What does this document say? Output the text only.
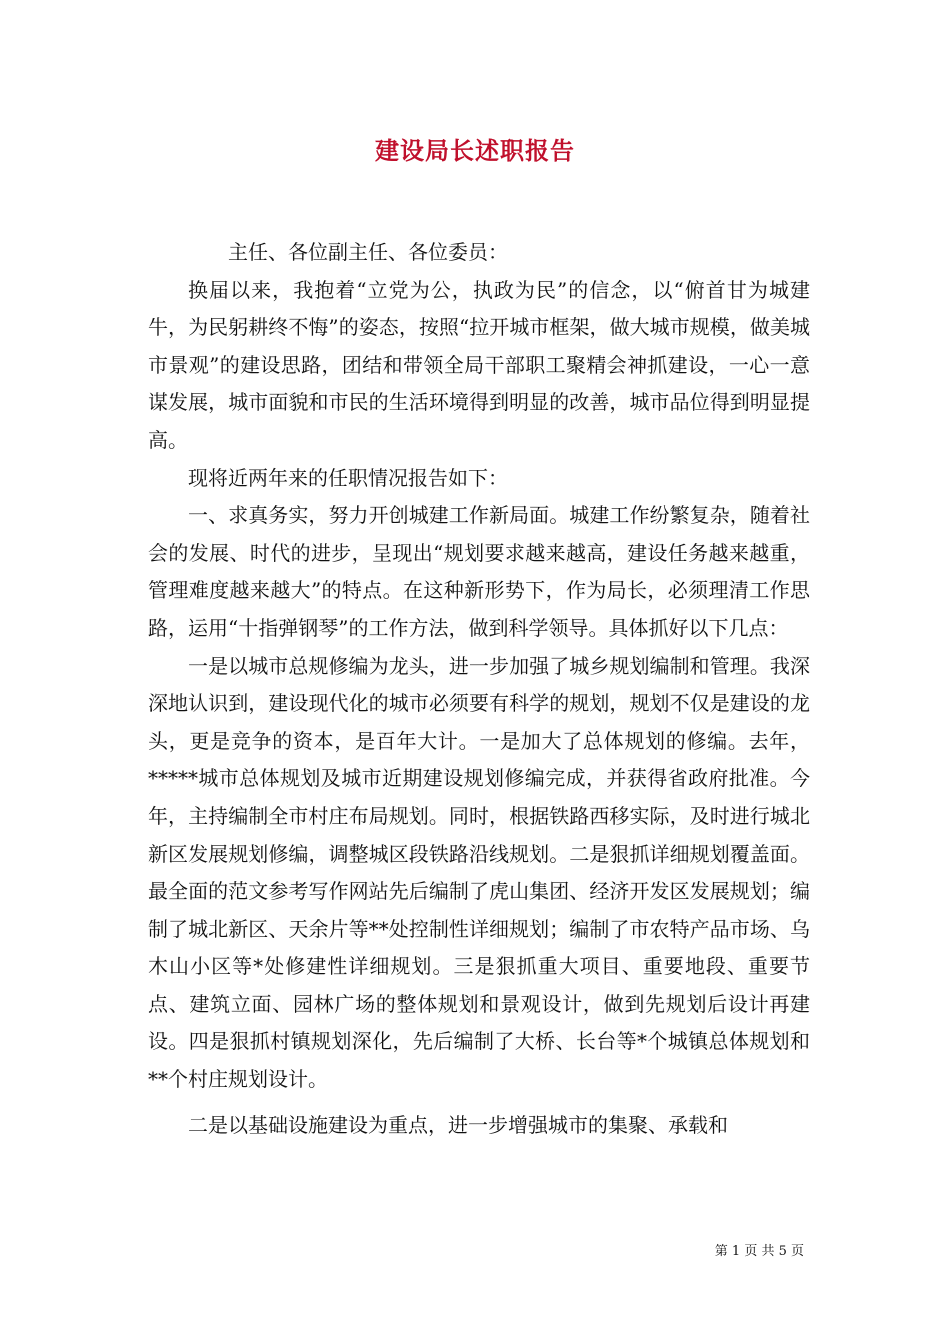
建设局长述职报告

主任、各位副主任、各位委员：

换届以来，我抱着“立党为公，执政为民”的信念，以“俯首甘为城建牛，为民躬耕终不悔”的姿态，按照“拉开城市框架，做大城市规模，做美城市景观”的建设思路，团结和带领全局干部职工聚精会神抓建设，一心一意谋发展，城市面貌和市民的生活环境得到明显的改善，城市品位得到明显提高。

现将近两年来的任职情况报告如下：

一、求真务实，努力开创城建工作新局面。城建工作纷繁复杂，随着社会的发展、时代的进步，呈现出“规划要求越来越高，建设任务越来越重，管理难度越来越大”的特点。在这种新形势下，作为局长，必须理清工作思路，运用“十指弹钢琴”的工作方法，做到科学领导。具体抓好以下几点：

一是以城市总规修编为龙头，进一步加强了城乡规划编制和管理。我深深地认识到，建设现代化的城市必须要有科学的规划，规划不仅是建设的龙头，更是竞争的资本，是百年大计。一是加大了总体规划的修编。去年，*****城市总体规划及城市近期建设规划修编完成，并获得省政府批准。今年，主持编制全市村庄布局规划。同时，根据铁路西移实际，及时进行城北新区发展规划修编，调整城区段铁路沿线规划。二是狠抓详细规划覆盖面。最全面的范文参考写作网站先后编制了虎山集团、经济开发区发展规划；编制了城北新区、天余片等**处控制性详细规划；编制了市农特产品市场、乌木山小区等*处修建性详细规划。三是狠抓重大项目、重要地段、重要节点、建筑立面、园林广场的整体规划和景观设计，做到先规划后设计再建设。四是狠抓村镇规划深化，先后编制了大桥、长台等*个城镇总体规划和**个村庄规划设计。

二是以基础设施建设为重点，进一步增强城市的集聚、承载和

第 1 页 共 5 页
